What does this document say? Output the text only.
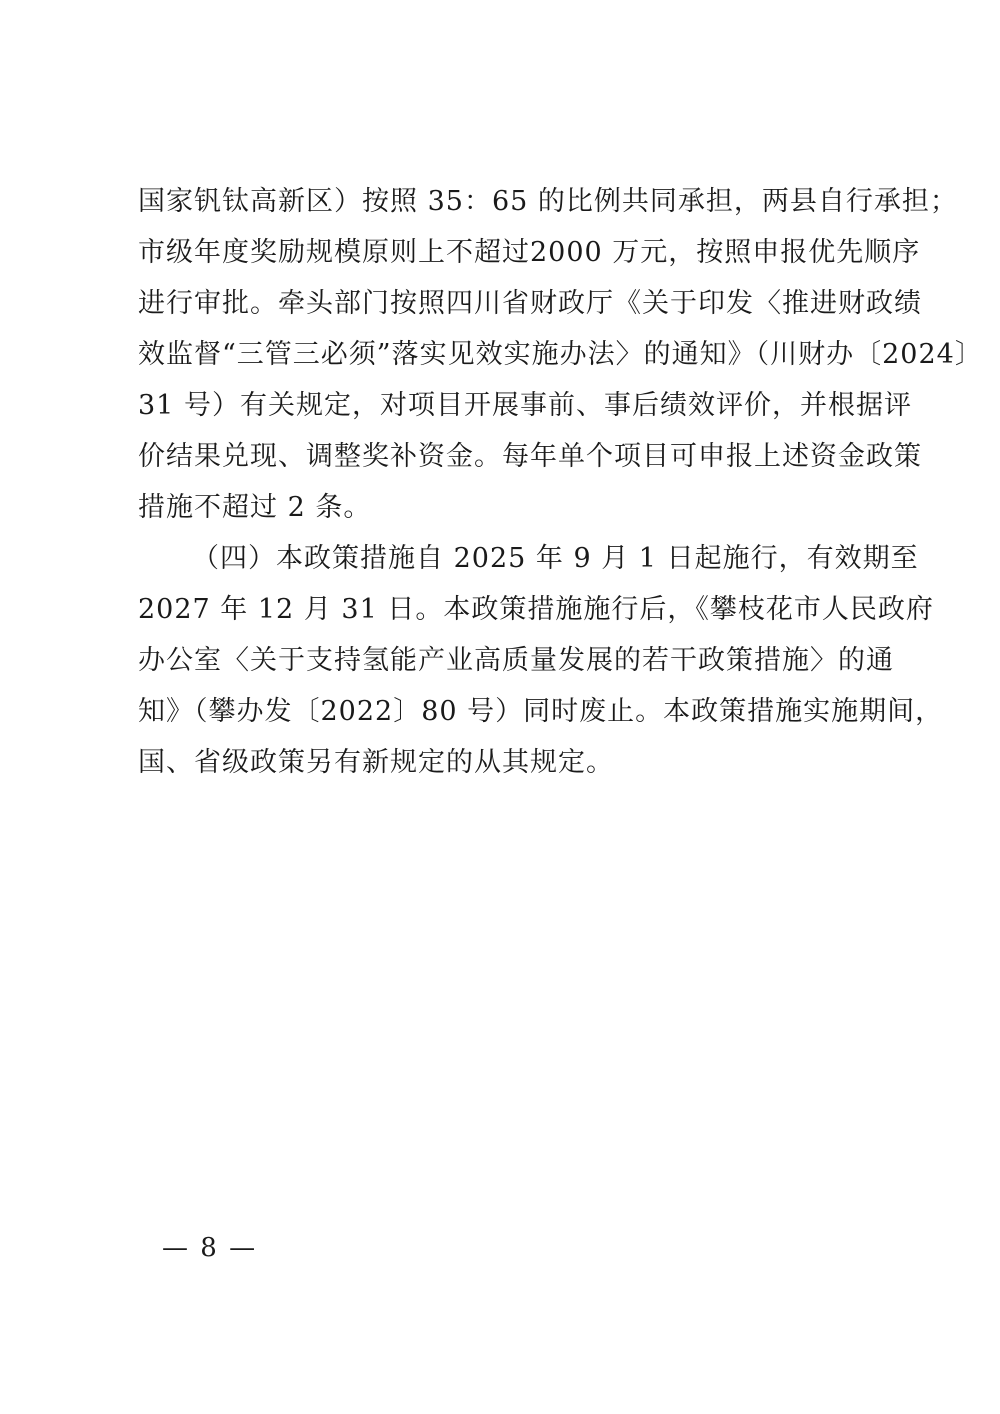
国家钒钛高新区）按照 35：65 的比例共同承担，两县自行承担；
市级年度奖励规模原则上不超过2000 万元，按照申报优先顺序
进行审批。牵头部门按照四川省财政厅《关于印发〈推进财政绩
效监督“三管三必须”落实见效实施办法〉的通知》（川财办〔2024〕
31 号）有关规定，对项目开展事前、事后绩效评价，并根据评
价结果兑现、调整奖补资金。每年单个项目可申报上述资金政策
措施不超过 2 条。
（四）本政策措施自 2025 年 9 月 1 日起施行，有效期至
2027 年 12 月 31 日。本政策措施施行后，《攀枝花市人民政府
办公室〈关于支持氢能产业高质量发展的若干政策措施〉的通
知》（攀办发〔2022〕80 号）同时废止。本政策措施实施期间，
国、省级政策另有新规定的从其规定。
— 8 —
